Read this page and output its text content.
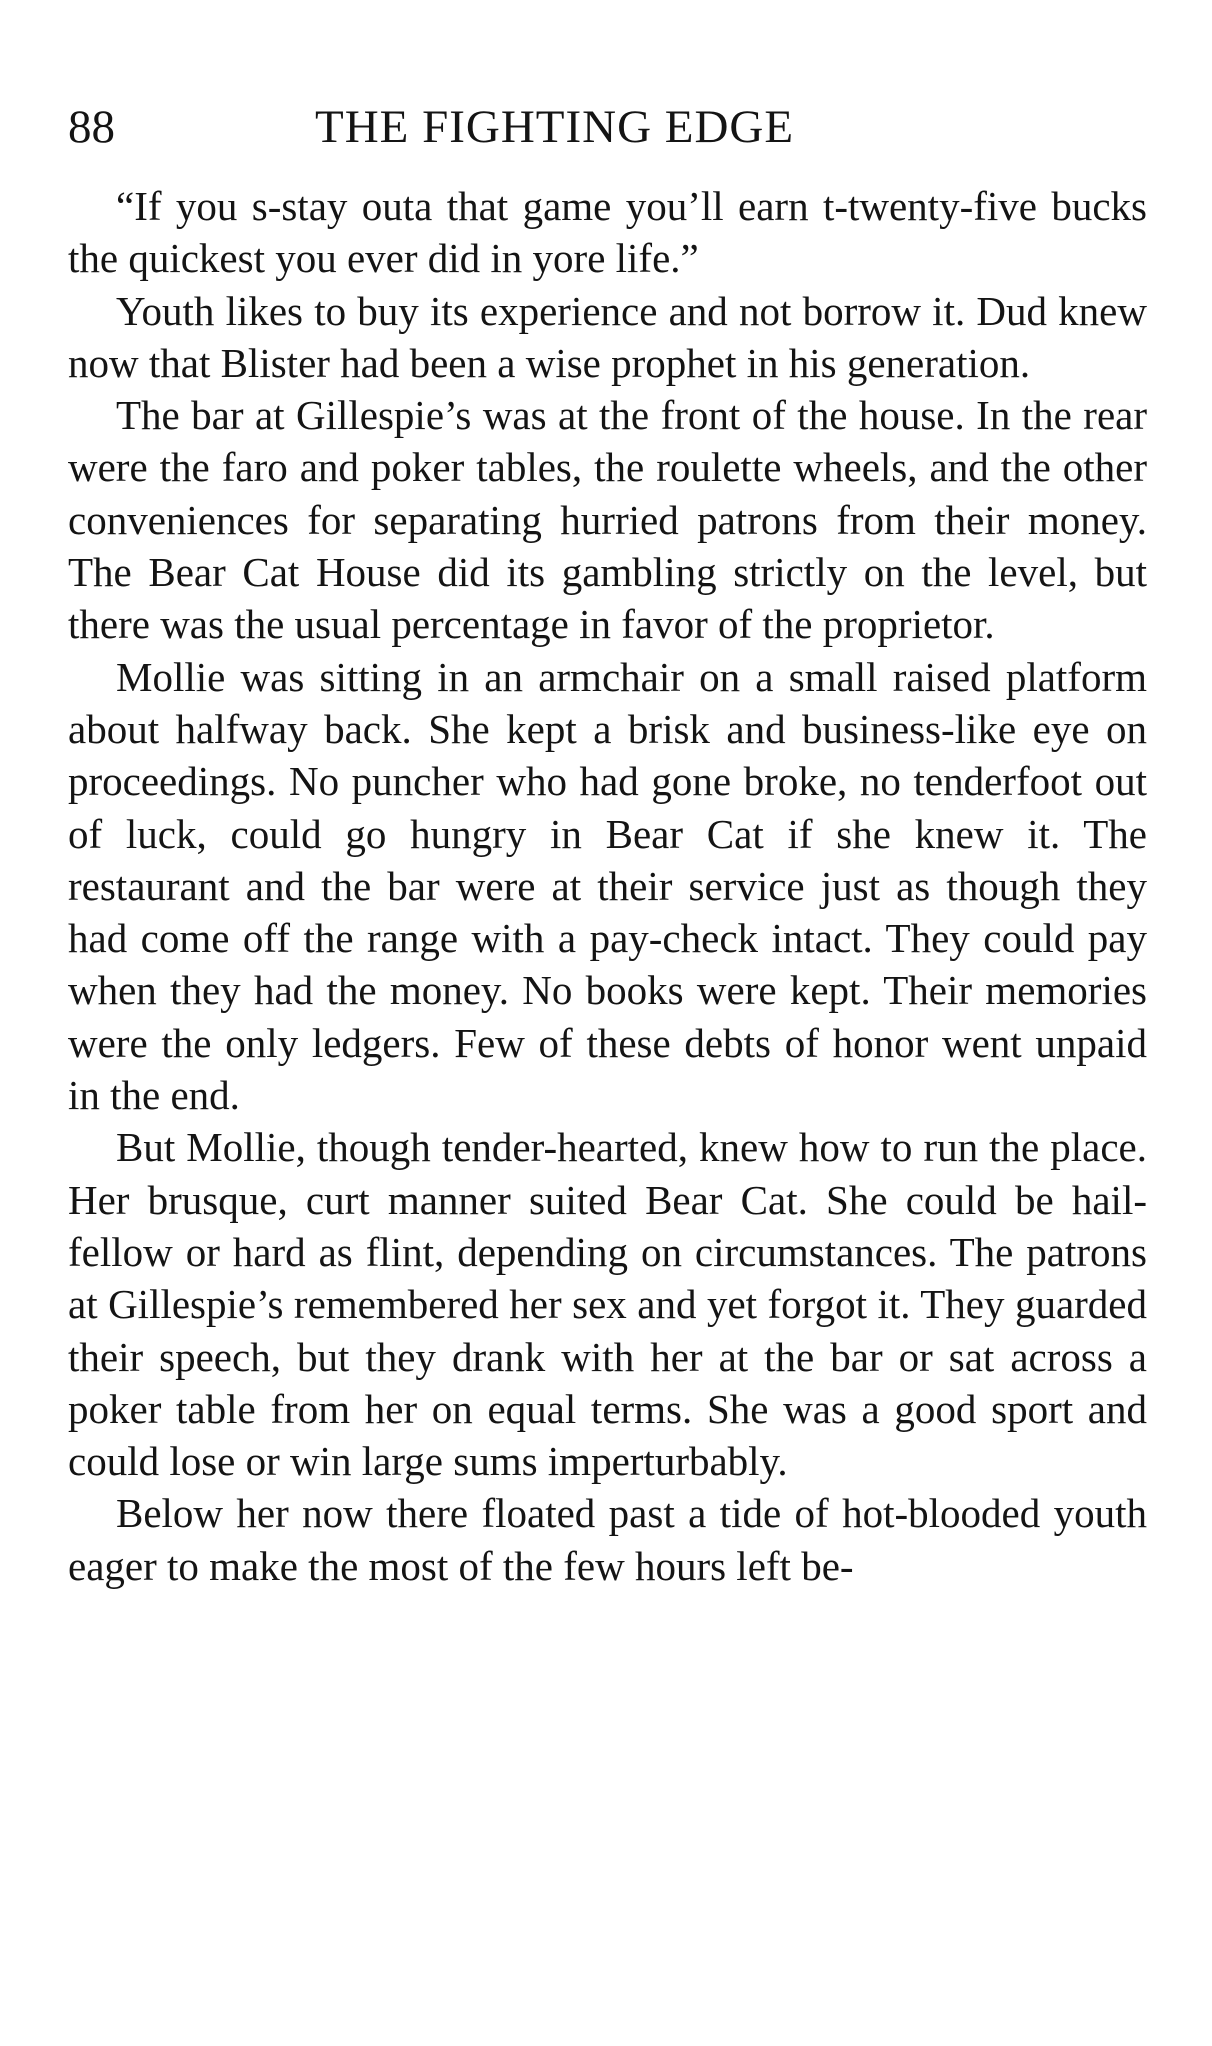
88	THE FIGHTING EDGE

“If you s-stay outa that game you’ll earn t-twenty-five bucks the quickest you ever did in yore life.”

Youth likes to buy its experience and not borrow it. Dud knew now that Blister had been a wise prophet in his generation.

The bar at Gillespie’s was at the front of the house. In the rear were the faro and poker tables, the roulette wheels, and the other conveniences for separating hurried patrons from their money. The Bear Cat House did its gambling strictly on the level, but there was the usual percentage in favor of the proprietor.

Mollie was sitting in an armchair on a small raised platform about halfway back. She kept a brisk and business-like eye on proceedings. No puncher who had gone broke, no tenderfoot out of luck, could go hungry in Bear Cat if she knew it. The restaurant and the bar were at their service just as though they had come off the range with a pay-check intact. They could pay when they had the money. No books were kept. Their memories were the only ledgers. Few of these debts of honor went unpaid in the end.

But Mollie, though tender-hearted, knew how to run the place. Her brusque, curt manner suited Bear Cat. She could be hail-fellow or hard as flint, depending on circumstances. The patrons at Gillespie’s remembered her sex and yet forgot it. They guarded their speech, but they drank with her at the bar or sat across a poker table from her on equal terms. She was a good sport and could lose or win large sums imperturbably.

Below her now there floated past a tide of hot-blooded youth eager to make the most of the few hours left be-
